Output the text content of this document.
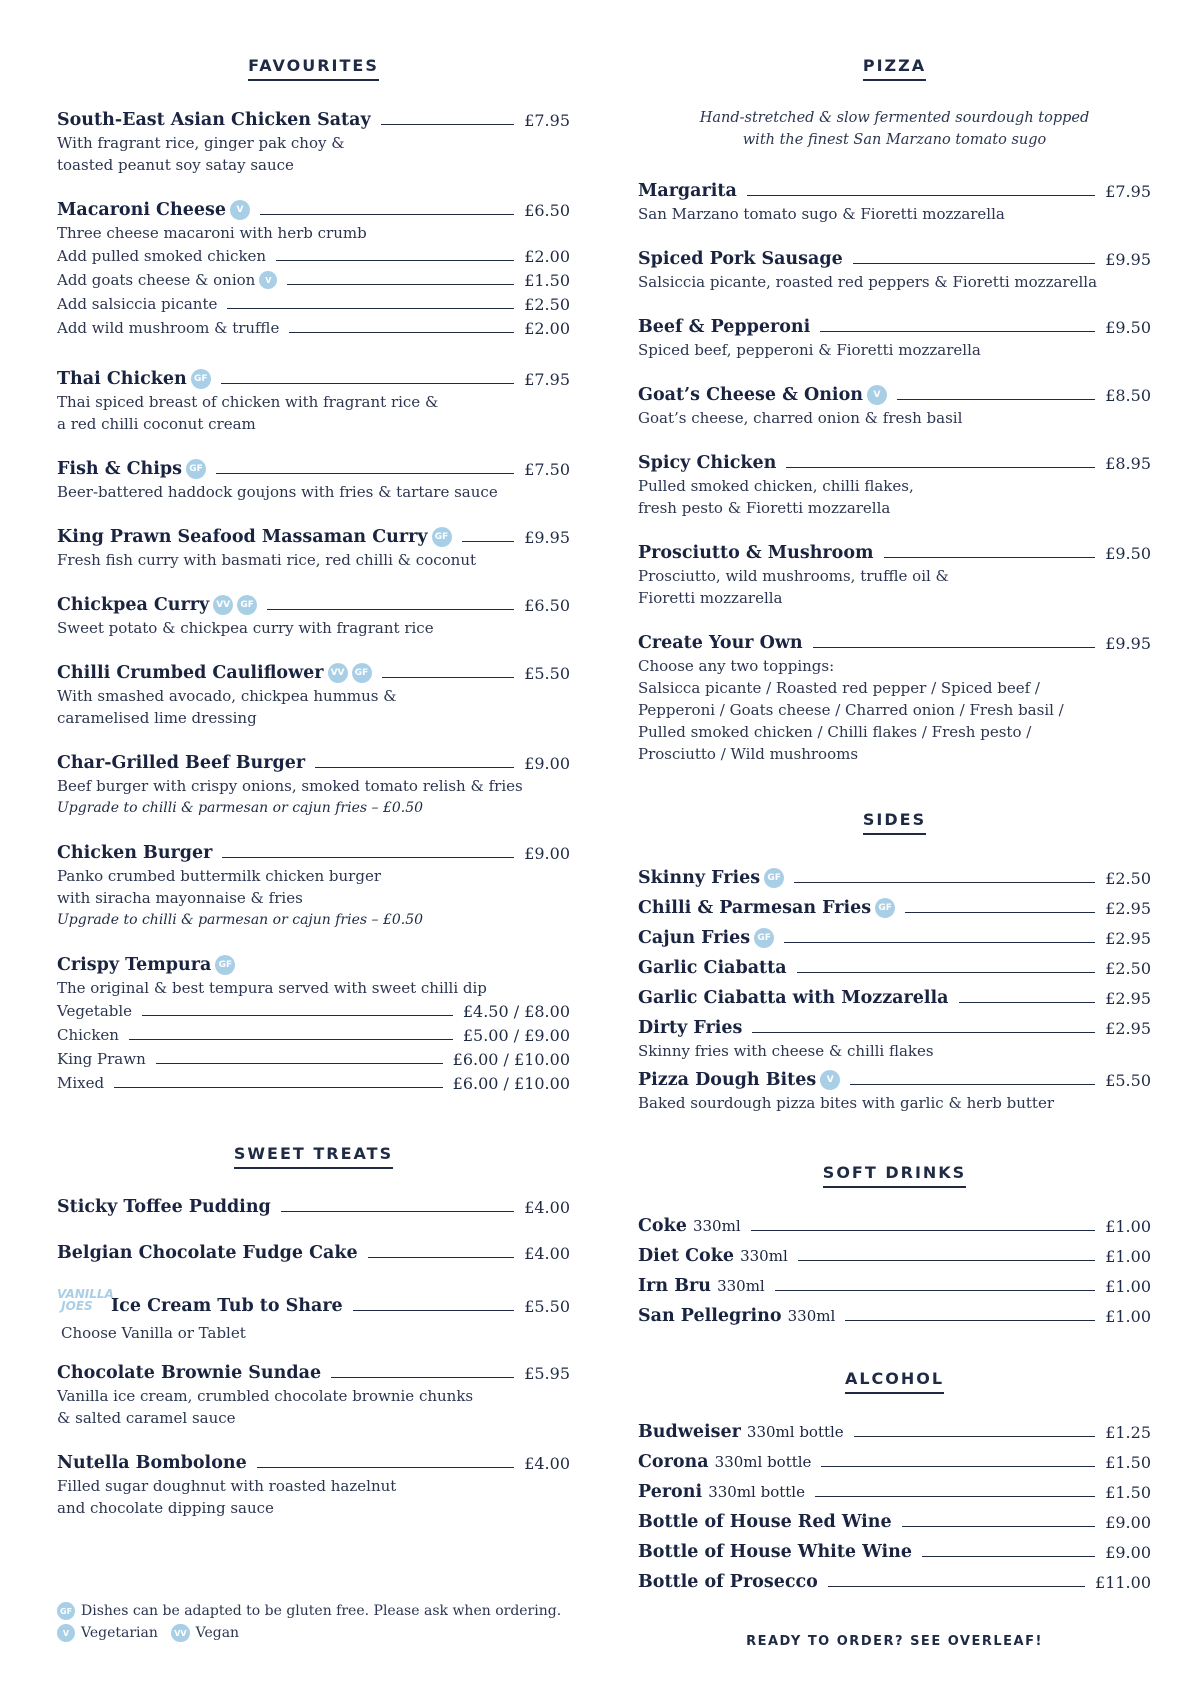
FAVOURITES
South-East Asian Chicken Satay	£7.95
With fragrant rice, ginger pak choy &
toasted peanut soy satay sauce
Macaroni Cheese	V	£6.50
Three cheese macaroni with herb crumb
Add pulled smoked chicken	£2.00
Add goats cheese & onion	V	£1.50
Add salsiccia picante	£2.50
Add wild mushroom & truffle	£2.00
Thai Chicken GF	£7.95
Thai spiced breast of chicken with fragrant rice &
a red chilli coconut cream
Fish & Chips GF	£7.50
Beer-battered haddock goujons with fries & tartare sauce
King Prawn Seafood Massaman Curry GF	£9.95
Fresh fish curry with basmati rice, red chilli & coconut
Chickpea Curry VV	GF	£6.50
Sweet potato & chickpea curry with fragrant rice
Chilli Crumbed Cauliflower VV	GF	£5.50
With smashed avocado, chickpea hummus &
caramelised lime dressing
Char-Grilled Beef Burger	£9.00
Beef burger with crispy onions, smoked tomato relish & fries
Upgrade to chilli & parmesan or cajun fries – £0.50
Chicken Burger	£9.00
Panko crumbed buttermilk chicken burger
with siracha mayonnaise & fries
Upgrade to chilli & parmesan or cajun fries – £0.50
Crispy Tempura GF
The original & best tempura served with sweet chilli dip
Vegetable	£4.50 / £8.00
Chicken	£5.00 / £9.00
King Prawn	£6.00 / £10.00
Mixed	£6.00 / £10.00
SWEET TREATS
Sticky Toffee Pudding	£4.00
Belgian Chocolate Fudge Cake	£4.00
VANILLA
JOES	Ice Cream Tub to Share	£5.50
Choose Vanilla or Tablet
Chocolate Brownie Sundae	£5.95
Vanilla ice cream, crumbled chocolate brownie chunks
& salted caramel sauce
Nutella Bombolone	£4.00
Filled sugar doughnut with roasted hazelnut
and chocolate dipping sauce
GF Dishes can be adapted to be gluten free. Please ask when ordering.
V Vegetarian
	VV Vegan
PIZZA
Hand-stretched & slow fermented sourdough topped
with the finest San Marzano tomato sugo
Margarita	£7.95
San Marzano tomato sugo & Fioretti mozzarella
Spiced Pork Sausage	£9.95
Salsiccia picante, roasted red peppers & Fioretti mozzarella
Beef & Pepperoni	£9.50
Spiced beef, pepperoni & Fioretti mozzarella
Goat’s Cheese & Onion	V	£8.50
Goat’s cheese, charred onion & fresh basil
Spicy Chicken	£8.95
Pulled smoked chicken, chilli flakes,
fresh pesto & Fioretti mozzarella
Prosciutto & Mushroom	£9.50
Prosciutto, wild mushrooms, truffle oil &
Fioretti mozzarella
Create Your Own	£9.95
Choose any two toppings:
Salsicca picante / Roasted red pepper / Spiced beef /
Pepperoni / Goats cheese / Charred onion / Fresh basil /
Pulled smoked chicken / Chilli flakes / Fresh pesto /
Prosciutto / Wild mushrooms
SIDES
Skinny Fries GF	£2.50
Chilli & Parmesan Fries GF	£2.95
Cajun Fries GF	£2.95
Garlic Ciabatta	£2.50
Garlic Ciabatta with Mozzarella	£2.95
Dirty Fries	£2.95
Skinny fries with cheese & chilli flakes
Pizza Dough Bites	V	£5.50
Baked sourdough pizza bites with garlic & herb butter
SOFT DRINKS
Coke 330ml	£1.00
Diet Coke 330ml	£1.00
Irn Bru 330ml	£1.00
San Pellegrino 330ml	£1.00
ALCOHOL
Budweiser 330ml bottle	£1.25
Corona 330ml bottle	£1.50
Peroni 330ml bottle	£1.50
Bottle of House Red Wine	£9.00
Bottle of House White Wine	£9.00
Bottle of Prosecco	£11.00
READY TO ORDER? SEE OVERLEAF!
